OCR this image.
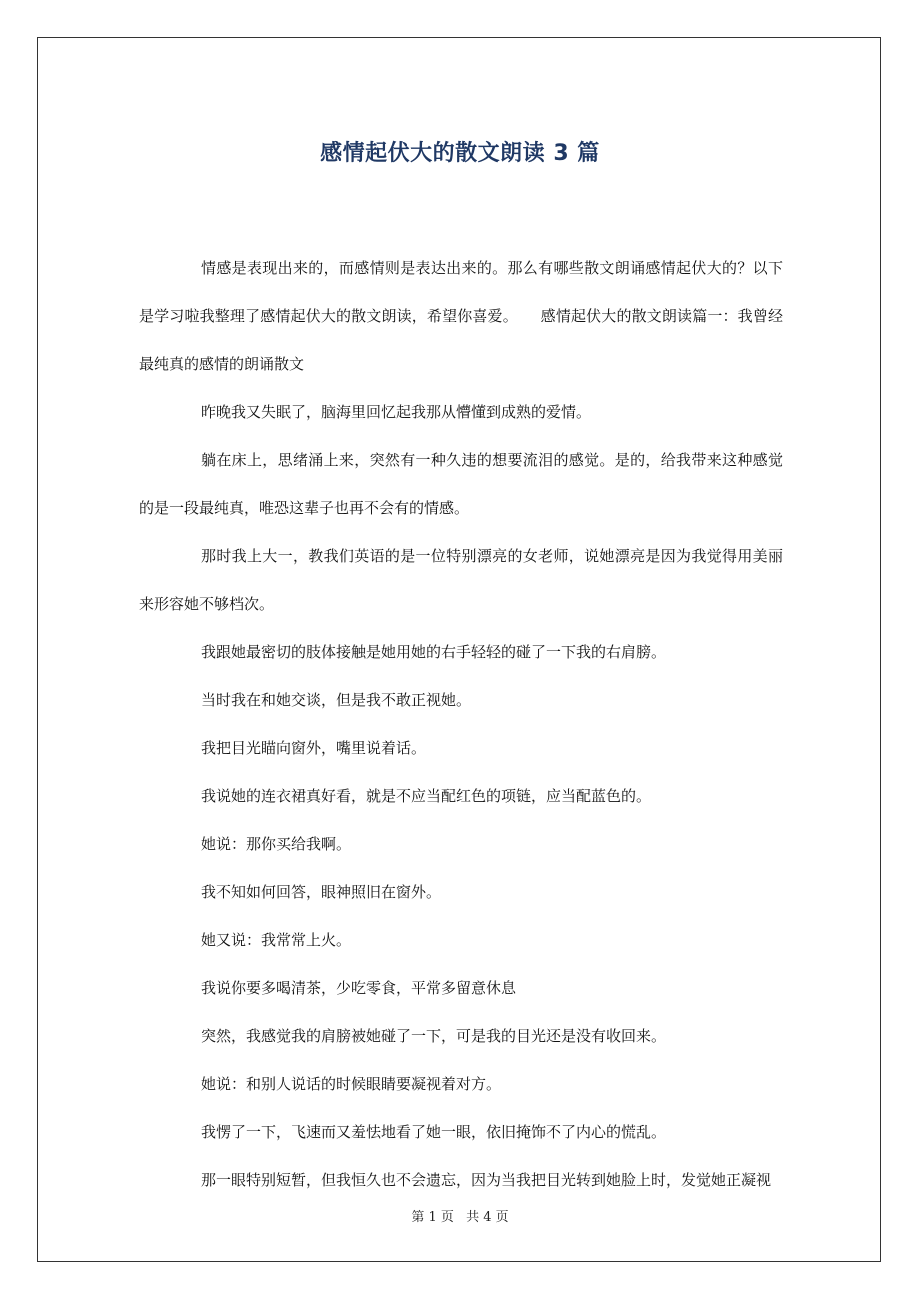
感情起伏大的散文朗读 3 篇

情感是表现出来的，而感情则是表达出来的。那么有哪些散文朗诵感情起伏大的？以下是学习啦我整理了感情起伏大的散文朗读，希望你喜爱。　　感情起伏大的散文朗读篇一：我曾经最纯真的感情的朗诵散文

昨晚我又失眠了，脑海里回忆起我那从懵懂到成熟的爱情。

躺在床上，思绪涌上来，突然有一种久违的想要流泪的感觉。是的，给我带来这种感觉的是一段最纯真，唯恐这辈子也再不会有的情感。

那时我上大一，教我们英语的是一位特别漂亮的女老师，说她漂亮是因为我觉得用美丽来形容她不够档次。

我跟她最密切的肢体接触是她用她的右手轻轻的碰了一下我的右肩膀。

当时我在和她交谈，但是我不敢正视她。

我把目光瞄向窗外，嘴里说着话。

我说她的连衣裙真好看，就是不应当配红色的项链，应当配蓝色的。

她说：那你买给我啊。

我不知如何回答，眼神照旧在窗外。

她又说：我常常上火。

我说你要多喝清茶，少吃零食，平常多留意休息

突然，我感觉我的肩膀被她碰了一下，可是我的目光还是没有收回来。

她说：和别人说话的时候眼睛要凝视着对方。

我愣了一下，飞速而又羞怯地看了她一眼，依旧掩饰不了内心的慌乱。

那一眼特别短暂，但我恒久也不会遗忘，因为当我把目光转到她脸上时，发觉她正凝视

第 1 页 共 4 页
